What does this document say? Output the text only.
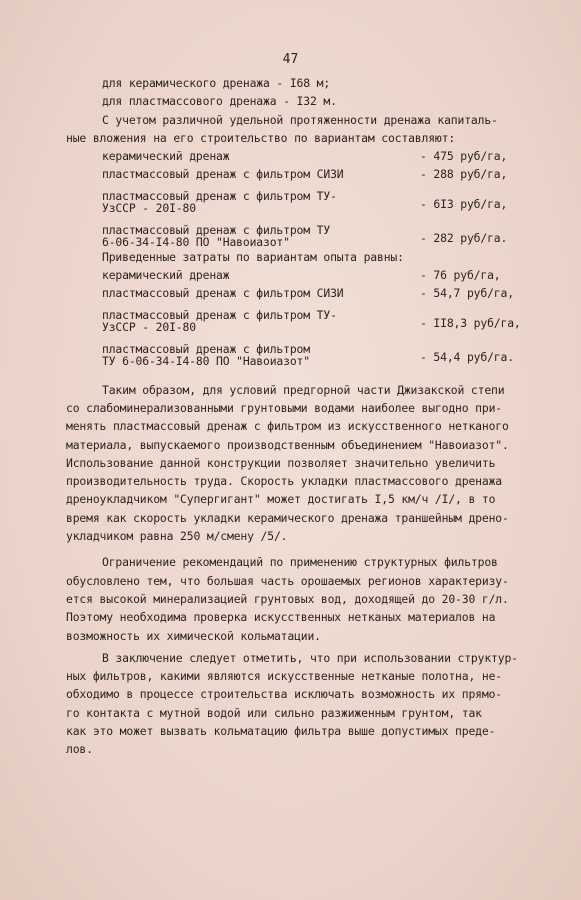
47
для керамического дренажа - I68 м;
для пластмассового дренажа - I32 м.
С учетом различной удельной протяженности дренажа капиталь-
ные вложения на его строительство по вариантам составляют:
керамический дренаж	- 475 руб/га,
пластмассовый дренаж с фильтром СИЗИ	- 288 руб/га,
пластмассовый дренаж с фильтром ТУ-
УзССР - 20I-80	- 6I3 руб/га,
пластмассовый дренаж с фильтром ТУ
6-06-34-I4-80 ПО "Навоиазот"	- 282 руб/га.
Приведенные затраты по вариантам опыта равны:
керамический дренаж	- 76 руб/га,
пластмассовый дренаж с фильтром СИЗИ	- 54,7 руб/га,
пластмассовый дренаж с фильтром ТУ-
УзССР - 20I-80	- II8,3 руб/га,
пластмассовый дренаж с фильтром
ТУ 6-06-34-I4-80 ПО "Навоиазот"	- 54,4 руб/га.
Таким образом, для условий предгорной части Джизакской степи
со слабоминерализованными грунтовыми водами наиболее выгодно при-
менять пластмассовый дренаж с фильтром из искусственного нетканого
материала, выпускаемого производственным объединением "Навоиазот".
Использование данной конструкции позволяет значительно увеличить
производительность труда. Скорость укладки пластмассового дренажа
дреноукладчиком "Супергигант" может достигать I,5 км/ч /I/, в то
время как скорость укладки керамического дренажа траншейным дрено-
укладчиком равна 250 м/смену /5/.
Ограничение рекомендаций по применению структурных фильтров
обусловлено тем, что большая часть орошаемых регионов характеризу-
ется высокой минерализацией грунтовых вод, доходящей до 20-30 г/л.
Поэтому необходима проверка искусственных нетканых материалов на
возможность их химической кольматации.
В заключение следует отметить, что при использовании структур-
ных фильтров, какими являются искусственные нетканые полотна, не-
обходимо в процессе строительства исключать возможность их прямо-
го контакта с мутной водой или сильно разжиженным грунтом, так
как это может вызвать кольматацию фильтра выше допустимых преде-
лов.
